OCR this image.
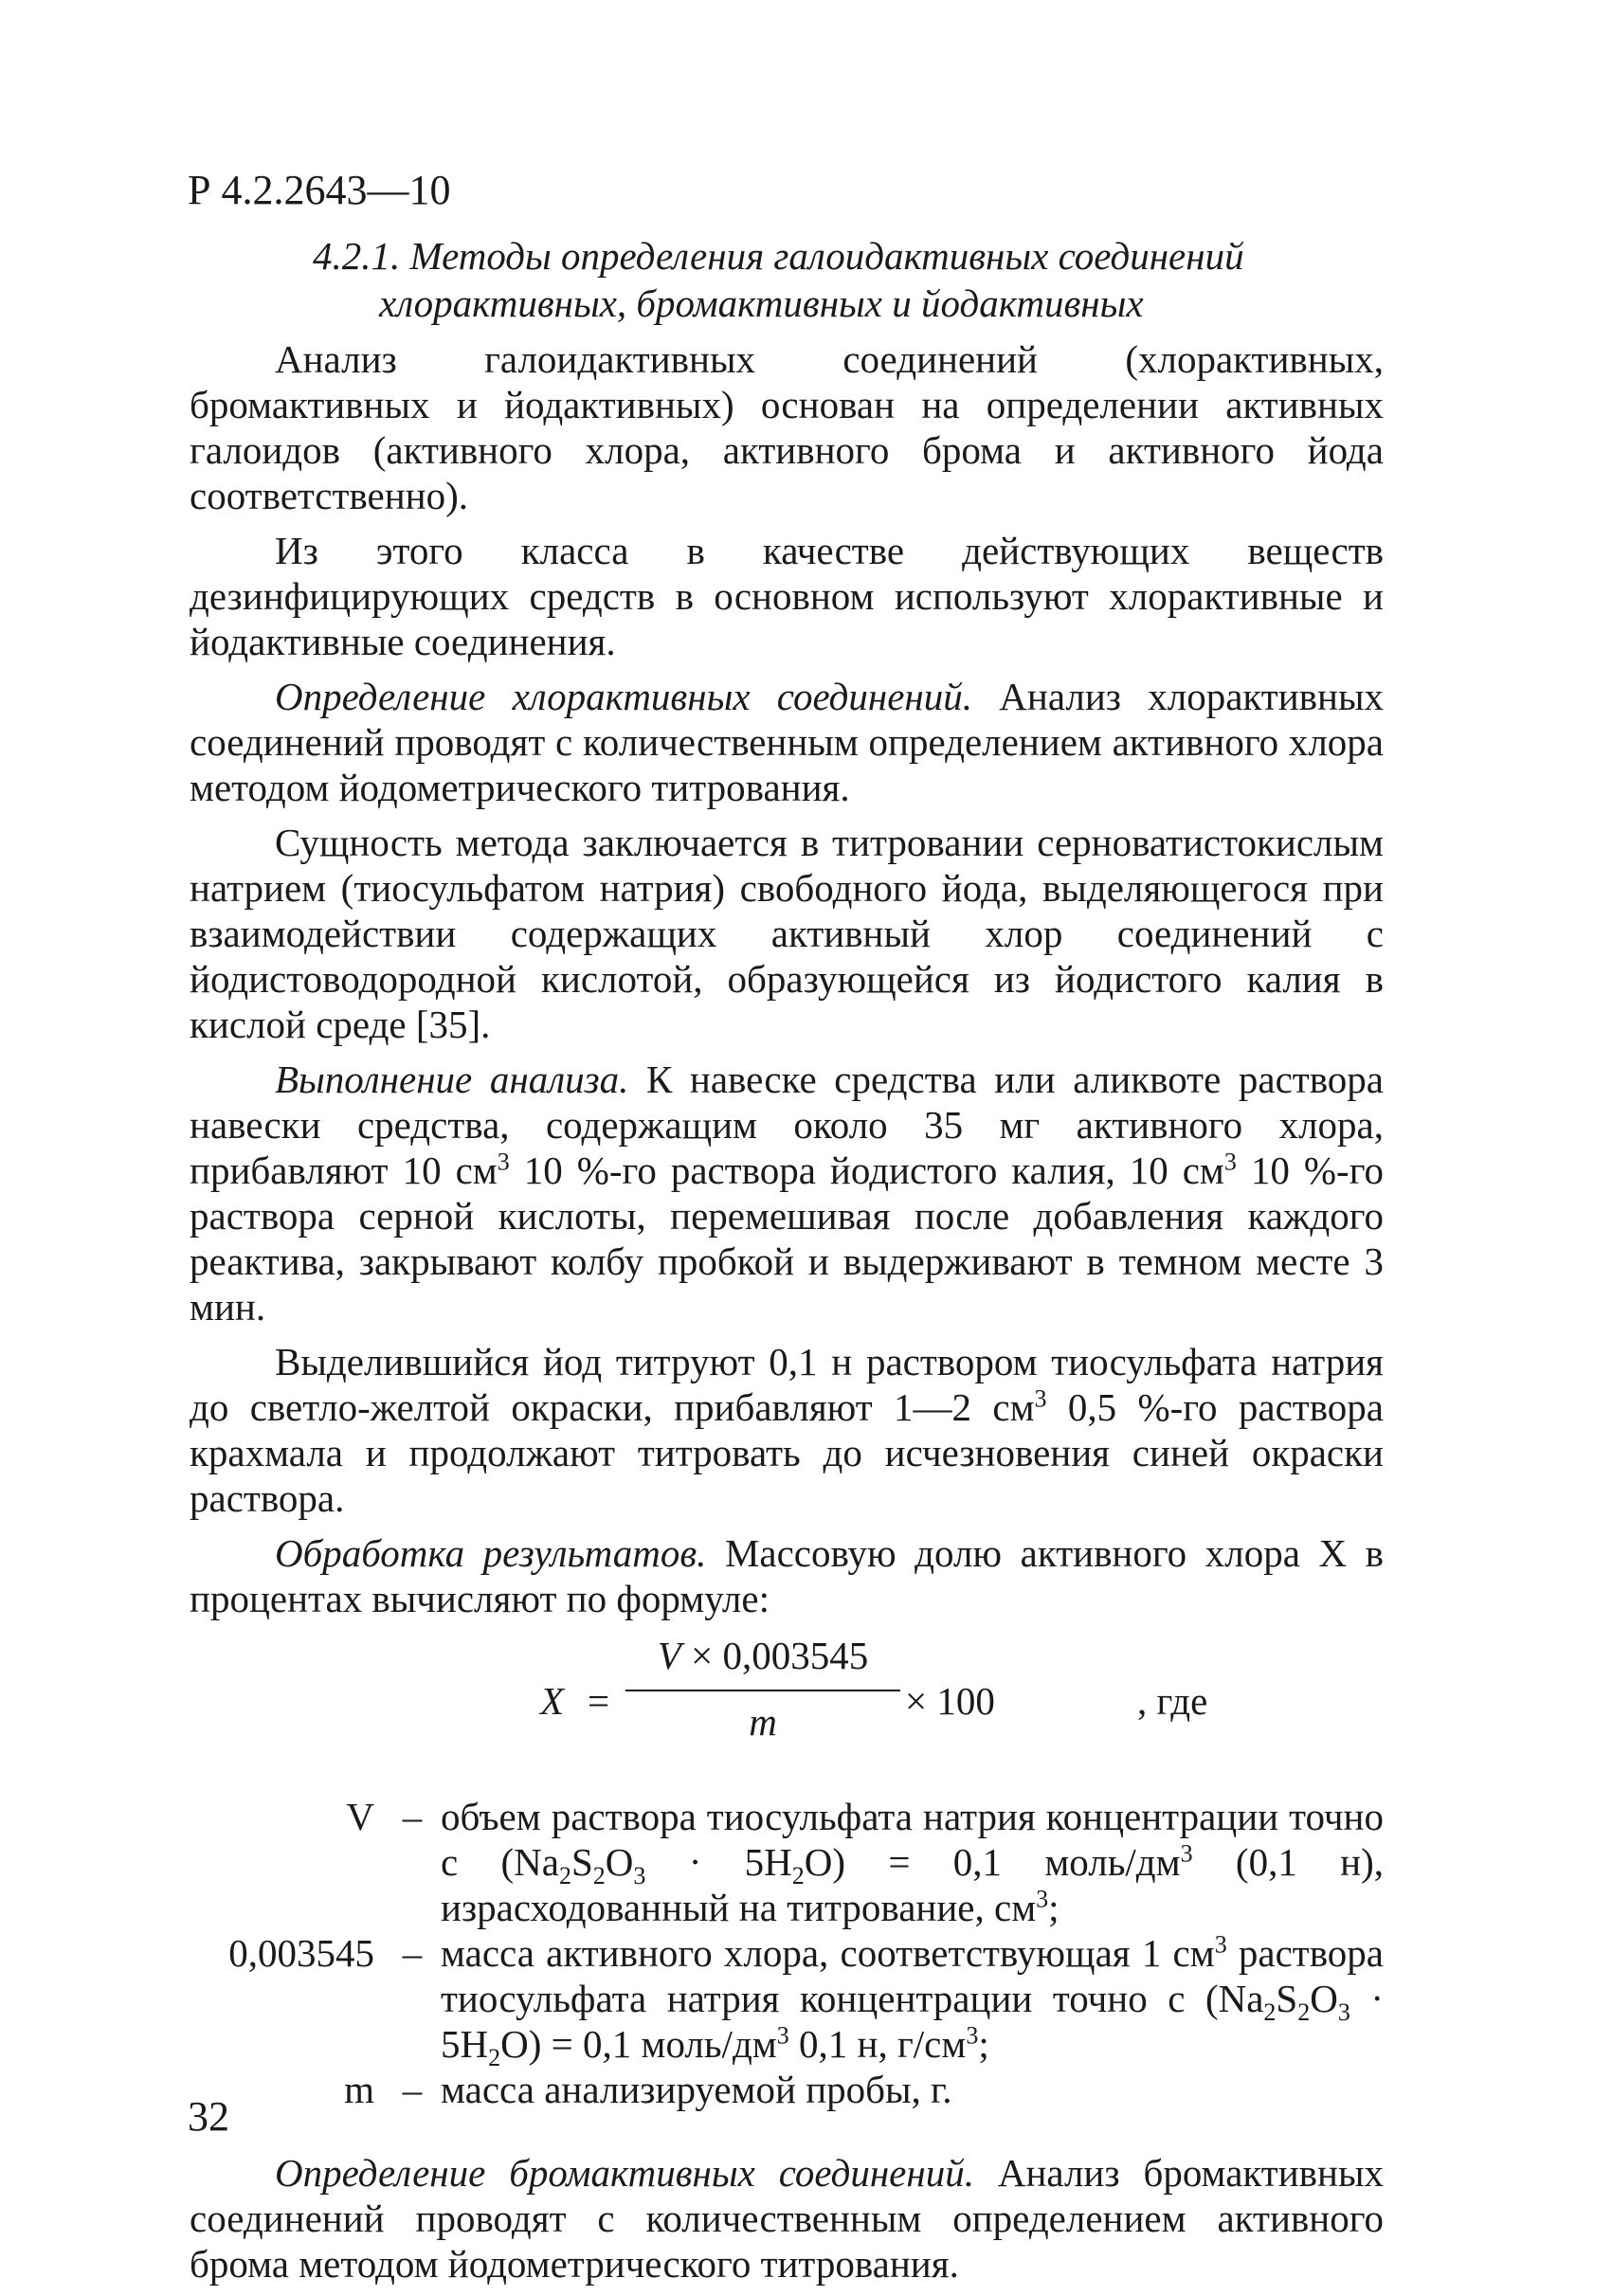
Р 4.2.2643—10
4.2.1. Методы определения галоидактивных соединений
хлорактивных, бромактивных и йодактивных

Анализ галоидактивных соединений (хлорактивных, бромактивных и йодактивных) основан на определении активных галоидов (активного хлора, активного брома и активного йода соответственно).

Из этого класса в качестве действующих веществ дезинфицирующих средств в основном используют хлорактивные и йодактивные соединения.

Определение хлорактивных соединений. Анализ хлорактивных соединений проводят с количественным определением активного хлора методом йодометрического титрования.

Сущность метода заключается в титровании серноватистокислым натрием (тиосульфатом натрия) свободного йода, выделяющегося при взаимодействии содержащих активный хлор соединений с йодистоводородной кислотой, образующейся из йодистого калия в кислой среде [35].

Выполнение анализа. К навеске средства или аликвоте раствора навески средства, содержащим около 35 мг активного хлора, прибавляют 10 $см^3$ 10 %-го раствора йодистого калия, 10 $см^3$ 10 %-го раствора серной кислоты, перемешивая после добавления каждого реактива, закрывают колбу пробкой и выдерживают в темном месте 3 мин.

Выделившийся йод титруют 0,1 н раствором тиосульфата натрия до светло-желтой окраски, прибавляют 1—2 $см^3$ 0,5 %-го раствора крахмала и продолжают титровать до исчезновения синей окраски раствора.

Обработка результатов. Массовую долю активного хлора X в процентах вычисляют по формуле:

X =
V × 0,003545
m	× 100	, где
V – объем раствора тиосульфата натрия концентрации точно с $(Na_2S_2O_3 \cdot 5H_2O) = 0,1$ моль/$дм^3$ (0,1 н), израсходованный на титрование, $см^3$;
0,003545 – масса активного хлора, соответствующая 1 $см^3$ раствора тиосульфата натрия концентрации точно с $(Na_2S_2O_3 \cdot 5H_2O) = 0,1$ моль/$дм^3$ 0,1 н, $г/см^3$;
m – масса анализируемой пробы, г.

Определение бромактивных соединений. Анализ бромактивных соединений проводят с количественным определением активного брома методом йодометрического титрования.

32
